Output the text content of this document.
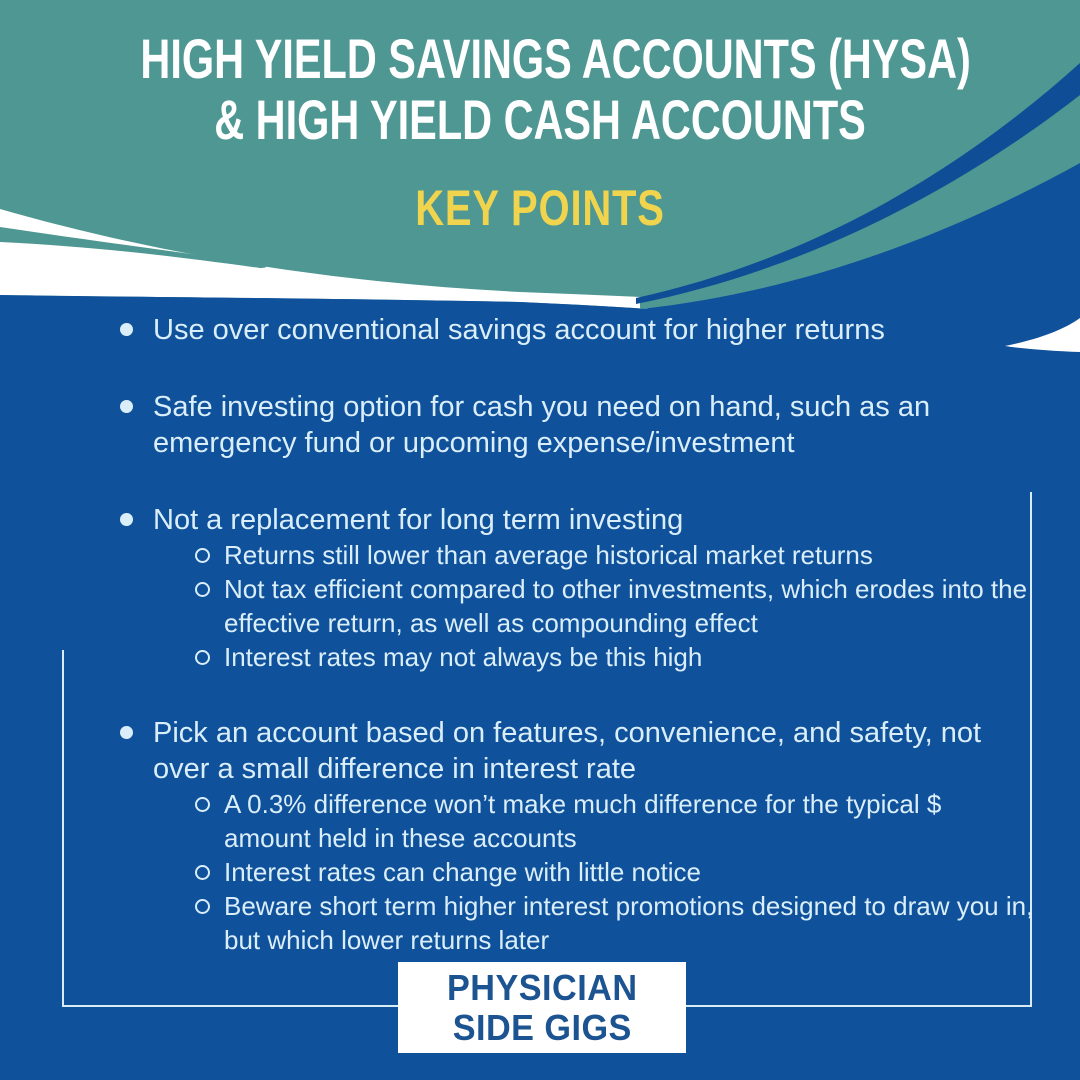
HIGH YIELD SAVINGS ACCOUNTS (HYSA)
& HIGH YIELD CASH ACCOUNTS
KEY POINTS
Use over conventional savings account for higher returns
Safe investing option for cash you need on hand, such as an emergency fund or upcoming expense/investment
Not a replacement for long term investing
Returns still lower than average historical market returns
Not tax efficient compared to other investments, which erodes into the effective return, as well as compounding effect
Interest rates may not always be this high
Pick an account based on features, convenience, and safety, not over a small difference in interest rate
A 0.3% difference won’t make much difference for the typical $ amount held in these accounts
Interest rates can change with little notice
Beware short term higher interest promotions designed to draw you in, but which lower returns later
PHYSICIAN
SIDE GIGS
